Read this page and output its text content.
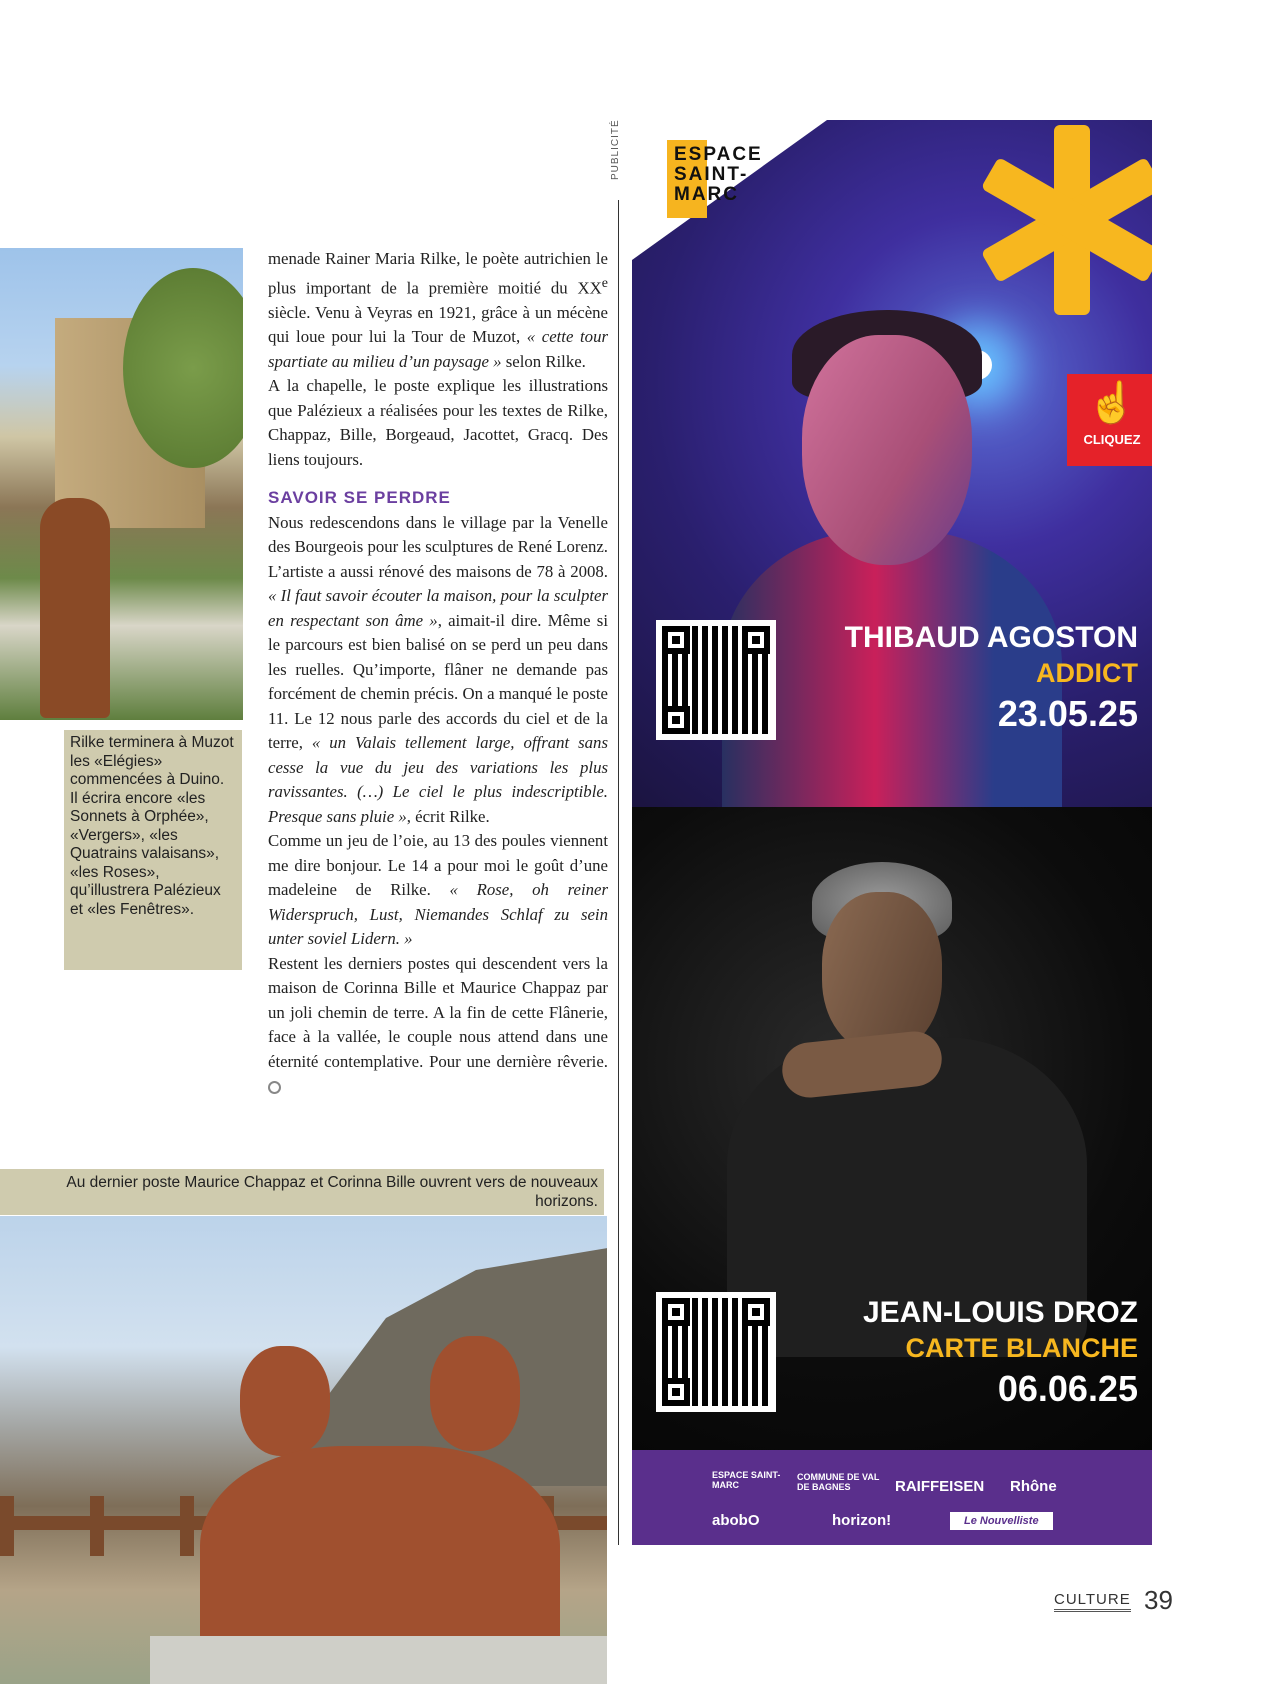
Rilke terminera à Muzot les «Elégies» commencées à Duino. Il écrira encore «les Sonnets à Orphée», «Vergers», «les Quatrains valaisans», «les Roses», qu’illustrera Palézieux et «les Fenêtres».

menade Rainer Maria Rilke, le poète autrichien le plus important de la première moitié du XXe siècle. Venu à Veyras en 1921, grâce à un mécène qui loue pour lui la Tour de Muzot, « cette tour spartiate au milieu d’un paysage » selon Rilke.

A la chapelle, le poste explique les illustrations que Palézieux a réalisées pour les textes de Rilke, Chappaz, Bille, Borgeaud, Jacottet, Gracq. Des liens toujours.

SAVOIR SE PERDRE

Nous redescendons dans le village par la Venelle des Bourgeois pour les sculptures de René Lorenz. L’artiste a aussi rénové des maisons de 78 à 2008. « Il faut savoir écouter la maison, pour la sculpter en respectant son âme », aimait-il dire. Même si le parcours est bien balisé on se perd un peu dans les ruelles. Qu’importe, flâner ne demande pas forcément de chemin précis. On a manqué le poste 11. Le 12 nous parle des accords du ciel et de la terre, « un Valais tellement large, offrant sans cesse la vue du jeu des variations les plus ravissantes. (…) Le ciel le plus indescriptible. Presque sans pluie », écrit Rilke.

Comme un jeu de l’oie, au 13 des poules viennent me dire bonjour. Le 14 a pour moi le goût d’une madeleine de Rilke. « Rose, oh reiner Widerspruch, Lust, Niemandes Schlaf zu sein unter soviel Lidern. »

Restent les derniers postes qui descendent vers la maison de Corinna Bille et Maurice Chappaz par un joli chemin de terre. A la fin de cette Flânerie, face à la vallée, le couple nous attend dans une éternité contemplative. Pour une dernière rêverie.

Au dernier poste Maurice Chappaz et Corinna Bille ouvrent vers de nouveaux horizons.
PUBLICITÉ	ESPACE
SAINT-
MARC
☝
CLIQUEZ
THIBAUD AGOSTON
ADDICT
23.05.25
JEAN-LOUIS DROZ
CARTE BLANCHE
06.06.25
ESPACE SAINT-MARC
COMMUNE DE VAL DE BAGNES	RAIFFEISEN Rhône
abobO	horizon!	Le Nouvelliste
CULTURE 39
